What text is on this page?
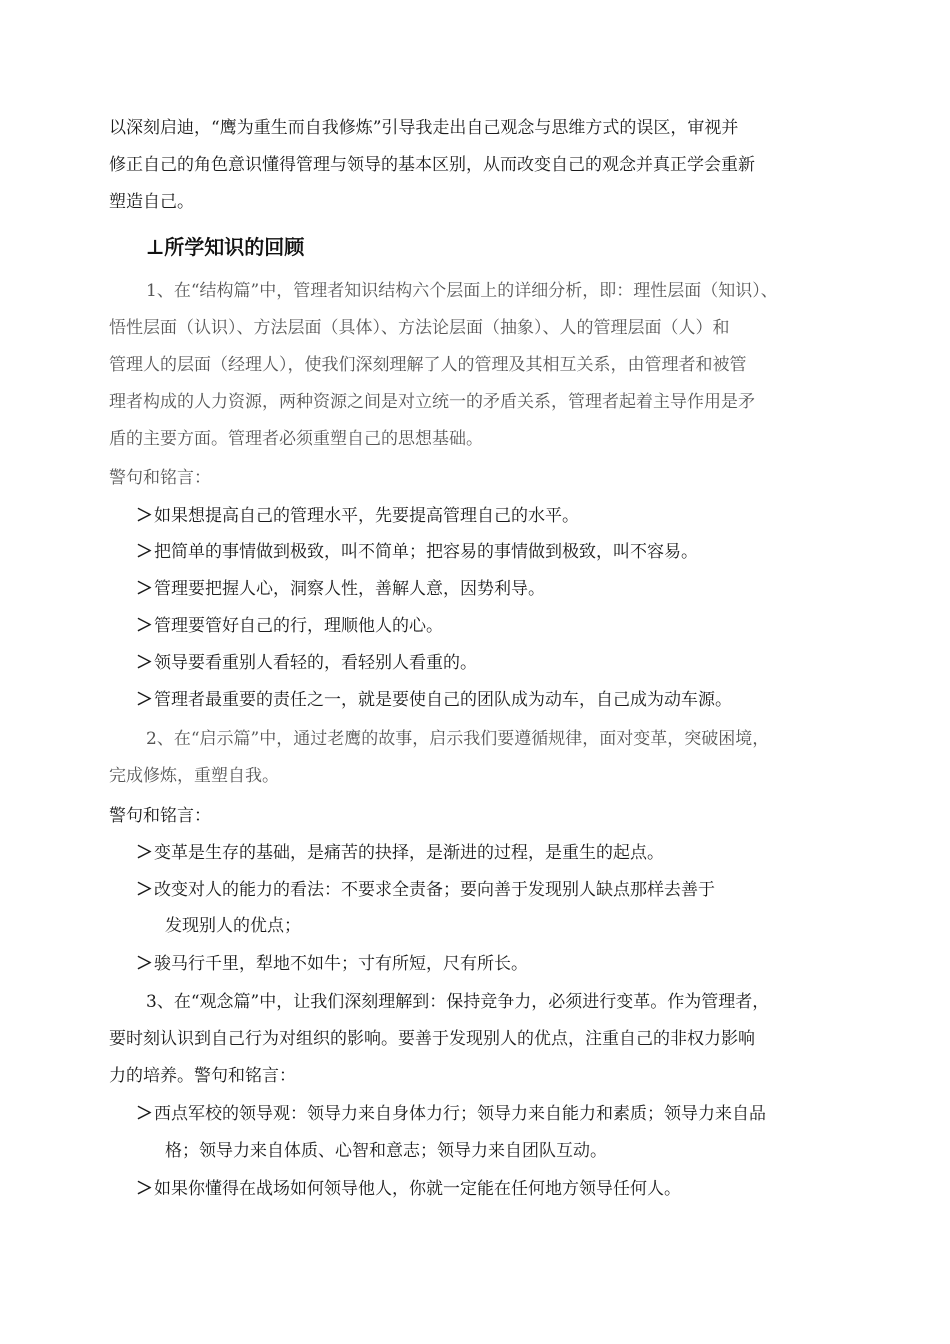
以深刻启迪，“鹰为重生而自我修炼”引导我走出自己观念与思维方式的误区，审视并
修正自己的角色意识懂得管理与领导的基本区别，从而改变自己的观念并真正学会重新
塑造自己。
⊥所学知识的回顾
1、在“结构篇”中，管理者知识结构六个层面上的详细分析，即：理性层面（知识）、
悟性层面（认识）、方法层面（具体）、方法论层面（抽象）、人的管理层面（人）和
管理人的层面（经理人），使我们深刻理解了人的管理及其相互关系，由管理者和被管
理者构成的人力资源，两种资源之间是对立统一的矛盾关系，管理者起着主导作用是矛
盾的主要方面。管理者必须重塑自己的思想基础。
警句和铭言：
＞如果想提高自己的管理水平，先要提高管理自己的水平。
＞把简单的事情做到极致，叫不简单；把容易的事情做到极致，叫不容易。
＞管理要把握人心，洞察人性，善解人意，因势利导。
＞管理要管好自己的行，理顺他人的心。
＞领导要看重别人看轻的，看轻别人看重的。
＞管理者最重要的责任之一，就是要使自己的团队成为动车，自己成为动车源。
2、在“启示篇”中，通过老鹰的故事，启示我们要遵循规律，面对变革，突破困境，
完成修炼，重塑自我。
警句和铭言：
＞变革是生存的基础，是痛苦的抉择，是渐进的过程，是重生的起点。
＞改变对人的能力的看法：不要求全责备；要向善于发现别人缺点那样去善于
发现别人的优点；
＞骏马行千里，犁地不如牛；寸有所短，尺有所长。
3、在“观念篇”中，让我们深刻理解到：保持竞争力，必须进行变革。作为管理者，
要时刻认识到自己行为对组织的影响。要善于发现别人的优点，注重自己的非权力影响
力的培养。警句和铭言：
＞西点军校的领导观：领导力来自身体力行；领导力来自能力和素质；领导力来自品
格；领导力来自体质、心智和意志；领导力来自团队互动。
＞如果你懂得在战场如何领导他人，你就一定能在任何地方领导任何人。
